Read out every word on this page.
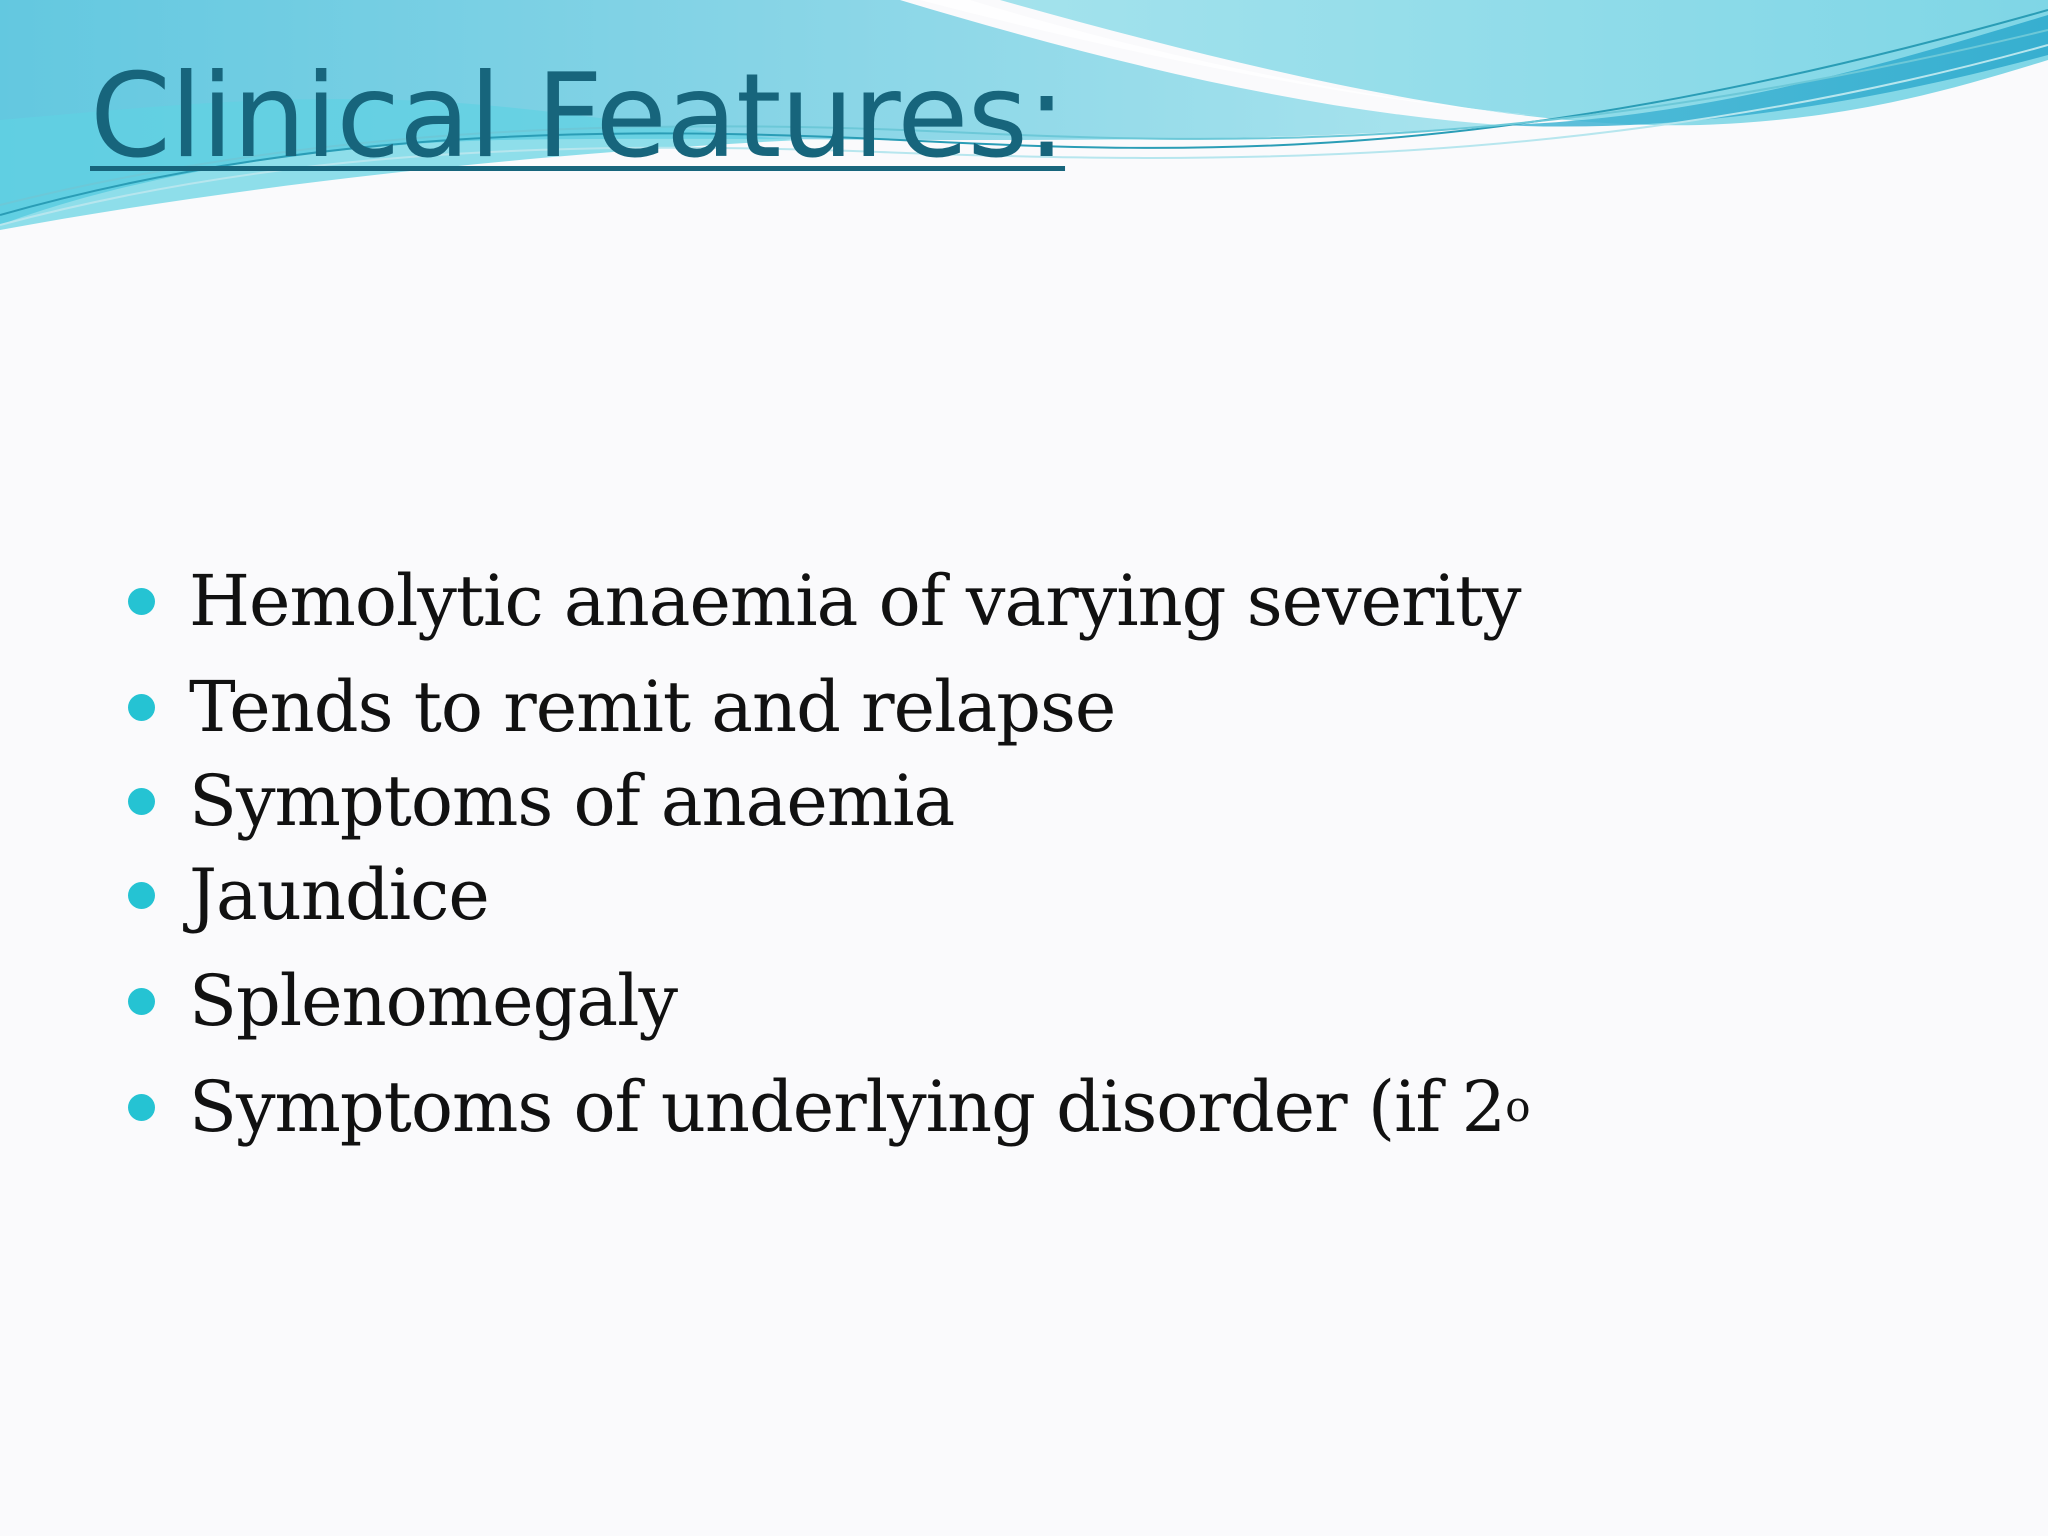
Clinical Features:
Hemolytic anaemia of varying severity
Tends to remit and relapse
Symptoms of anaemia
Jaundice
Splenomegaly
Symptoms of underlying disorder (if 2 o
